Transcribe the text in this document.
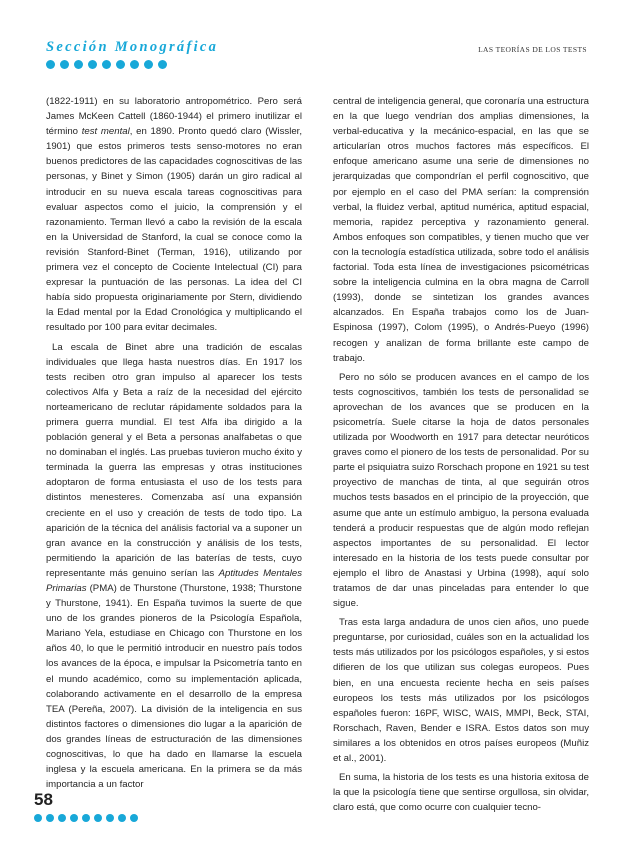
Sección Monográfica	LAS TEORÍAS DE LOS TESTS

(1822-1911) en su laboratorio antropométrico. Pero será James McKeen Cattell (1860-1944) el primero inutilizar el término test mental, en 1890. Pronto quedó claro (Wissler, 1901) que estos primeros tests senso-motores no eran buenos predictores de las capacidades cognoscitivas de las personas, y Binet y Simon (1905) darán un giro radical al introducir en su nueva escala tareas cognoscitivas para evaluar aspectos como el juicio, la comprensión y el razonamiento. Terman llevó a cabo la revisión de la escala en la Universidad de Stanford, la cual se conoce como la revisión Stanford-Binet (Terman, 1916), utilizando por primera vez el concepto de Cociente Intelectual (CI) para expresar la puntuación de las personas. La idea del CI había sido propuesta originariamente por Stern, dividiendo la Edad mental por la Edad Cronológica y multiplicando el resultado por 100 para evitar decimales.

La escala de Binet abre una tradición de escalas individuales que llega hasta nuestros días. En 1917 los tests reciben otro gran impulso al aparecer los tests colectivos Alfa y Beta a raíz de la necesidad del ejército norteamericano de reclutar rápidamente soldados para la primera guerra mundial. El test Alfa iba dirigido a la población general y el Beta a personas analfabetas o que no dominaban el inglés. Las pruebas tuvieron mucho éxito y terminada la guerra las empresas y otras instituciones adoptaron de forma entusiasta el uso de los tests para distintos menesteres. Comenzaba así una expansión creciente en el uso y creación de tests de todo tipo. La aparición de la técnica del análisis factorial va a suponer un gran avance en la construcción y análisis de los tests, permitiendo la aparición de las baterías de tests, cuyo representante más genuino serían las Aptitudes Mentales Primarias (PMA) de Thurstone (Thurstone, 1938; Thurstone y Thurstone, 1941). En España tuvimos la suerte de que uno de los grandes pioneros de la Psicología Española, Mariano Yela, estudiase en Chicago con Thurstone en los años 40, lo que le permitió introducir en nuestro país todos los avances de la época, e impulsar la Psicometría tanto en el mundo académico, como su implementación aplicada, colaborando activamente en el desarrollo de la empresa TEA (Pereña, 2007). La división de la inteligencia en sus distintos factores o dimensiones dio lugar a la aparición de dos grandes líneas de estructuración de las dimensiones cognoscitivas, lo que ha dado en llamarse la escuela inglesa y la escuela americana. En la primera se da más importancia a un factor

central de inteligencia general, que coronaría una estructura en la que luego vendrían dos amplias dimensiones, la verbal-educativa y la mecánico-espacial, en las que se articularían otros muchos factores más específicos. El enfoque americano asume una serie de dimensiones no jerarquizadas que compondrían el perfil cognoscitivo, que por ejemplo en el caso del PMA serían: la comprensión verbal, la fluidez verbal, aptitud numérica, aptitud espacial, memoria, rapidez perceptiva y razonamiento general. Ambos enfoques son compatibles, y tienen mucho que ver con la tecnología estadística utilizada, sobre todo el análisis factorial. Toda esta línea de investigaciones psicométricas sobre la inteligencia culmina en la obra magna de Carroll (1993), donde se sintetizan los grandes avances alcanzados. En España trabajos como los de Juan-Espinosa (1997), Colom (1995), o Andrés-Pueyo (1996) recogen y analizan de forma brillante este campo de trabajo.

Pero no sólo se producen avances en el campo de los tests cognoscitivos, también los tests de personalidad se aprovechan de los avances que se producen en la psicometría. Suele citarse la hoja de datos personales utilizada por Woodworth en 1917 para detectar neuróticos graves como el pionero de los tests de personalidad. Por su parte el psiquiatra suizo Rorschach propone en 1921 su test proyectivo de manchas de tinta, al que seguirán otros muchos tests basados en el principio de la proyección, que asume que ante un estímulo ambiguo, la persona evaluada tenderá a producir respuestas que de algún modo reflejan aspectos importantes de su personalidad. El lector interesado en la historia de los tests puede consultar por ejemplo el libro de Anastasi y Urbina (1998), aquí solo tratamos de dar unas pinceladas para entender lo que sigue.

Tras esta larga andadura de unos cien años, uno puede preguntarse, por curiosidad, cuáles son en la actualidad los tests más utilizados por los psicólogos españoles, y si estos difieren de los que utilizan sus colegas europeos. Pues bien, en una encuesta reciente hecha en seis países europeos los tests más utilizados por los psicólogos españoles fueron: 16PF, WISC, WAIS, MMPI, Beck, STAI, Rorschach, Raven, Bender e ISRA. Estos datos son muy similares a los obtenidos en otros países europeos (Muñiz et al., 2001).

En suma, la historia de los tests es una historia exitosa de la que la psicología tiene que sentirse orgullosa, sin olvidar, claro está, que como ocurre con cualquier tecno-

58
